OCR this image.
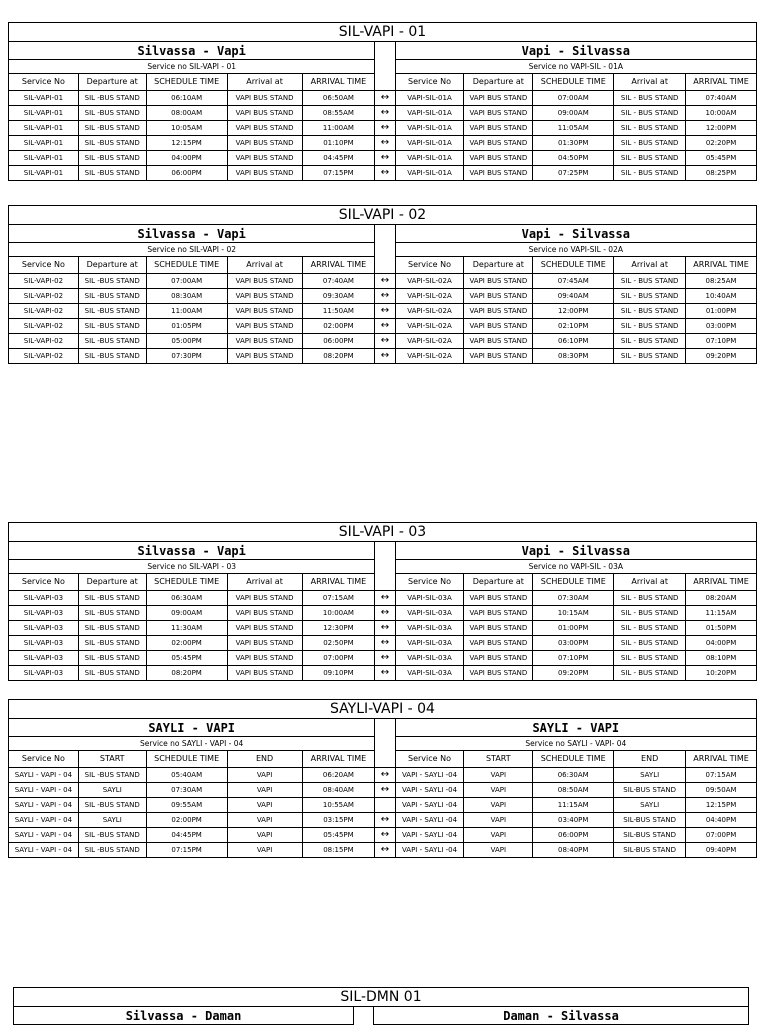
SIL-VAPI - 01										
Silvassa - Vapi						Vapi - Silvassa				
Service no SIL-VAPI - 01						Service no VAPI-SIL - 01A				
Service No	Departure at	SCHEDULE TIME	Arrival at	ARRIVAL TIME		Service No	Departure at	SCHEDULE TIME	Arrival at	ARRIVAL TIME
SIL-VAPI-01	SIL -BUS STAND	06:10AM	VAPI BUS STAND	06:50AM	↔	VAPI-SIL-01A	VAPI BUS STAND	07:00AM	SIL - BUS STAND	07:40AM
SIL-VAPI-01	SIL -BUS STAND	08:00AM	VAPI BUS STAND	08:55AM	↔	VAPI-SIL-01A	VAPI BUS STAND	09:00AM	SIL - BUS STAND	10:00AM
SIL-VAPI-01	SIL -BUS STAND	10:05AM	VAPI BUS STAND	11:00AM	↔	VAPI-SIL-01A	VAPI BUS STAND	11:05AM	SIL - BUS STAND	12:00PM
SIL-VAPI-01	SIL -BUS STAND	12:15PM	VAPI BUS STAND	01:10PM	↔	VAPI-SIL-01A	VAPI BUS STAND	01:30PM	SIL - BUS STAND	02:20PM
SIL-VAPI-01	SIL -BUS STAND	04:00PM	VAPI BUS STAND	04:45PM	↔	VAPI-SIL-01A	VAPI BUS STAND	04:50PM	SIL - BUS STAND	05:45PM
SIL-VAPI-01	SIL -BUS STAND	06:00PM	VAPI BUS STAND	07:15PM	↔	VAPI-SIL-01A	VAPI BUS STAND	07:25PM	SIL - BUS STAND	08:25PM
SIL-VAPI - 02										
Silvassa - Vapi						Vapi - Silvassa				
Service no SIL-VAPI - 02						Service no VAPI-SIL - 02A				
Service No	Departure at	SCHEDULE TIME	Arrival at	ARRIVAL TIME		Service No	Departure at	SCHEDULE TIME	Arrival at	ARRIVAL TIME
SIL-VAPI-02	SIL -BUS STAND	07:00AM	VAPI BUS STAND	07:40AM	↔	VAPI-SIL-02A	VAPI BUS STAND	07:45AM	SIL - BUS STAND	08:25AM
SIL-VAPI-02	SIL -BUS STAND	08:30AM	VAPI BUS STAND	09:30AM	↔	VAPI-SIL-02A	VAPI BUS STAND	09:40AM	SIL - BUS STAND	10:40AM
SIL-VAPI-02	SIL -BUS STAND	11:00AM	VAPI BUS STAND	11:50AM	↔	VAPI-SIL-02A	VAPI BUS STAND	12:00PM	SIL - BUS STAND	01:00PM
SIL-VAPI-02	SIL -BUS STAND	01:05PM	VAPI BUS STAND	02:00PM	↔	VAPI-SIL-02A	VAPI BUS STAND	02:10PM	SIL - BUS STAND	03:00PM
SIL-VAPI-02	SIL -BUS STAND	05:00PM	VAPI BUS STAND	06:00PM	↔	VAPI-SIL-02A	VAPI BUS STAND	06:10PM	SIL - BUS STAND	07:10PM
SIL-VAPI-02	SIL -BUS STAND	07:30PM	VAPI BUS STAND	08:20PM	↔	VAPI-SIL-02A	VAPI BUS STAND	08:30PM	SIL - BUS STAND	09:20PM
SIL-VAPI - 03										
Silvassa - Vapi						Vapi - Silvassa				
Service no SIL-VAPI - 03						Service no VAPI-SIL - 03A				
Service No	Departure at	SCHEDULE TIME	Arrival at	ARRIVAL TIME		Service No	Departure at	SCHEDULE TIME	Arrival at	ARRIVAL TIME
SIL-VAPI-03	SIL -BUS STAND	06:30AM	VAPI BUS STAND	07:15AM	↔	VAPI-SIL-03A	VAPI BUS STAND	07:30AM	SIL - BUS STAND	08:20AM
SIL-VAPI-03	SIL -BUS STAND	09:00AM	VAPI BUS STAND	10:00AM	↔	VAPI-SIL-03A	VAPI BUS STAND	10:15AM	SIL - BUS STAND	11:15AM
SIL-VAPI-03	SIL -BUS STAND	11:30AM	VAPI BUS STAND	12:30PM	↔	VAPI-SIL-03A	VAPI BUS STAND	01:00PM	SIL - BUS STAND	01:50PM
SIL-VAPI-03	SIL -BUS STAND	02:00PM	VAPI BUS STAND	02:50PM	↔	VAPI-SIL-03A	VAPI BUS STAND	03:00PM	SIL - BUS STAND	04:00PM
SIL-VAPI-03	SIL -BUS STAND	05:45PM	VAPI BUS STAND	07:00PM	↔	VAPI-SIL-03A	VAPI BUS STAND	07:10PM	SIL - BUS STAND	08:10PM
SIL-VAPI-03	SIL -BUS STAND	08:20PM	VAPI BUS STAND	09:10PM	↔	VAPI-SIL-03A	VAPI BUS STAND	09:20PM	SIL - BUS STAND	10:20PM
SAYLI-VAPI - 04										
SAYLI - VAPI						SAYLI - VAPI				
Service no SAYLI - VAPI - 04						Service no SAYLI - VAPI- 04				
Service No	START	SCHEDULE TIME	END	ARRIVAL TIME		Service No	START	SCHEDULE TIME	END	ARRIVAL TIME
SAYLI - VAPI - 04	SIL -BUS STAND	05:40AM	VAPI	06:20AM	↔	VAPI - SAYLI -04	VAPI	06:30AM	SAYLI	07:15AM
SAYLI - VAPI - 04	SAYLI	07:30AM	VAPI	08:40AM	↔	VAPI - SAYLI -04	VAPI	08:50AM	SIL-BUS STAND	09:50AM
SAYLI - VAPI - 04	SIL -BUS STAND	09:55AM	VAPI	10:55AM		VAPI - SAYLI -04	VAPI	11:15AM	SAYLI	12:15PM
SAYLI - VAPI - 04	SAYLI	02:00PM	VAPI	03:15PM	↔	VAPI - SAYLI -04	VAPI	03:40PM	SIL-BUS STAND	04:40PM
SAYLI - VAPI - 04	SIL -BUS STAND	04:45PM	VAPI	05:45PM	↔	VAPI - SAYLI -04	VAPI	06:00PM	SIL-BUS STAND	07:00PM
SAYLI - VAPI - 04	SIL -BUS STAND	07:15PM	VAPI	08:15PM	↔	VAPI - SAYLI -04	VAPI	08:40PM	SIL-BUS STAND	09:40PM
SIL-DMN 01
Silvassa - Daman		Daman - Silvassa
